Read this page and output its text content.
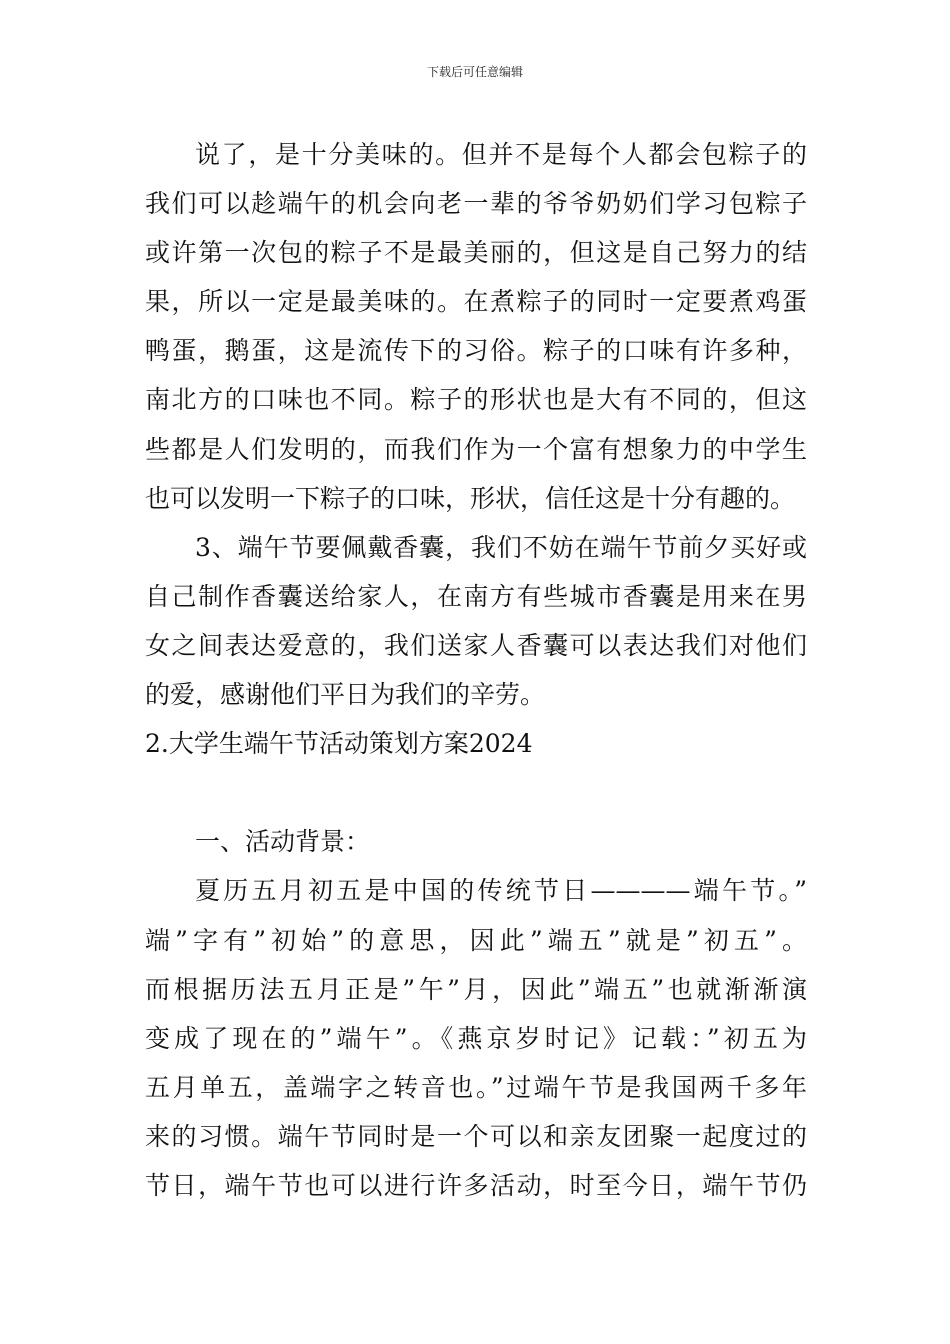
下载后可任意编辑
说了，是十分美味的。但并不是每个人都会包粽子的
我们可以趁端午的机会向老一辈的爷爷奶奶们学习包粽子
或许第一次包的粽子不是最美丽的，但这是自己努力的结
果，所以一定是最美味的。在煮粽子的同时一定要煮鸡蛋
鸭蛋，鹅蛋，这是流传下的习俗。粽子的口味有许多种，
南北方的口味也不同。粽子的形状也是大有不同的，但这
些都是人们发明的，而我们作为一个富有想象力的中学生
也可以发明一下粽子的口味，形状，信任这是十分有趣的。
3、端午节要佩戴香囊，我们不妨在端午节前夕买好或
自己制作香囊送给家人，在南方有些城市香囊是用来在男
女之间表达爱意的，我们送家人香囊可以表达我们对他们
的爱，感谢他们平日为我们的辛劳。
2.大学生端午节活动策划方案2024
一、活动背景：
夏历五月初五是中国的传统节日————端午节。”
端”字有”初始”的意思，因此”端五”就是”初五”。
而根据历法五月正是”午”月，因此”端五”也就渐渐演
变成了现在的”端午”。《燕京岁时记》记载：”初五为
五月单五，盖端字之转音也。”过端午节是我国两千多年
来的习惯。端午节同时是一个可以和亲友团聚一起度过的
节日，端午节也可以进行许多活动，时至今日，端午节仍
